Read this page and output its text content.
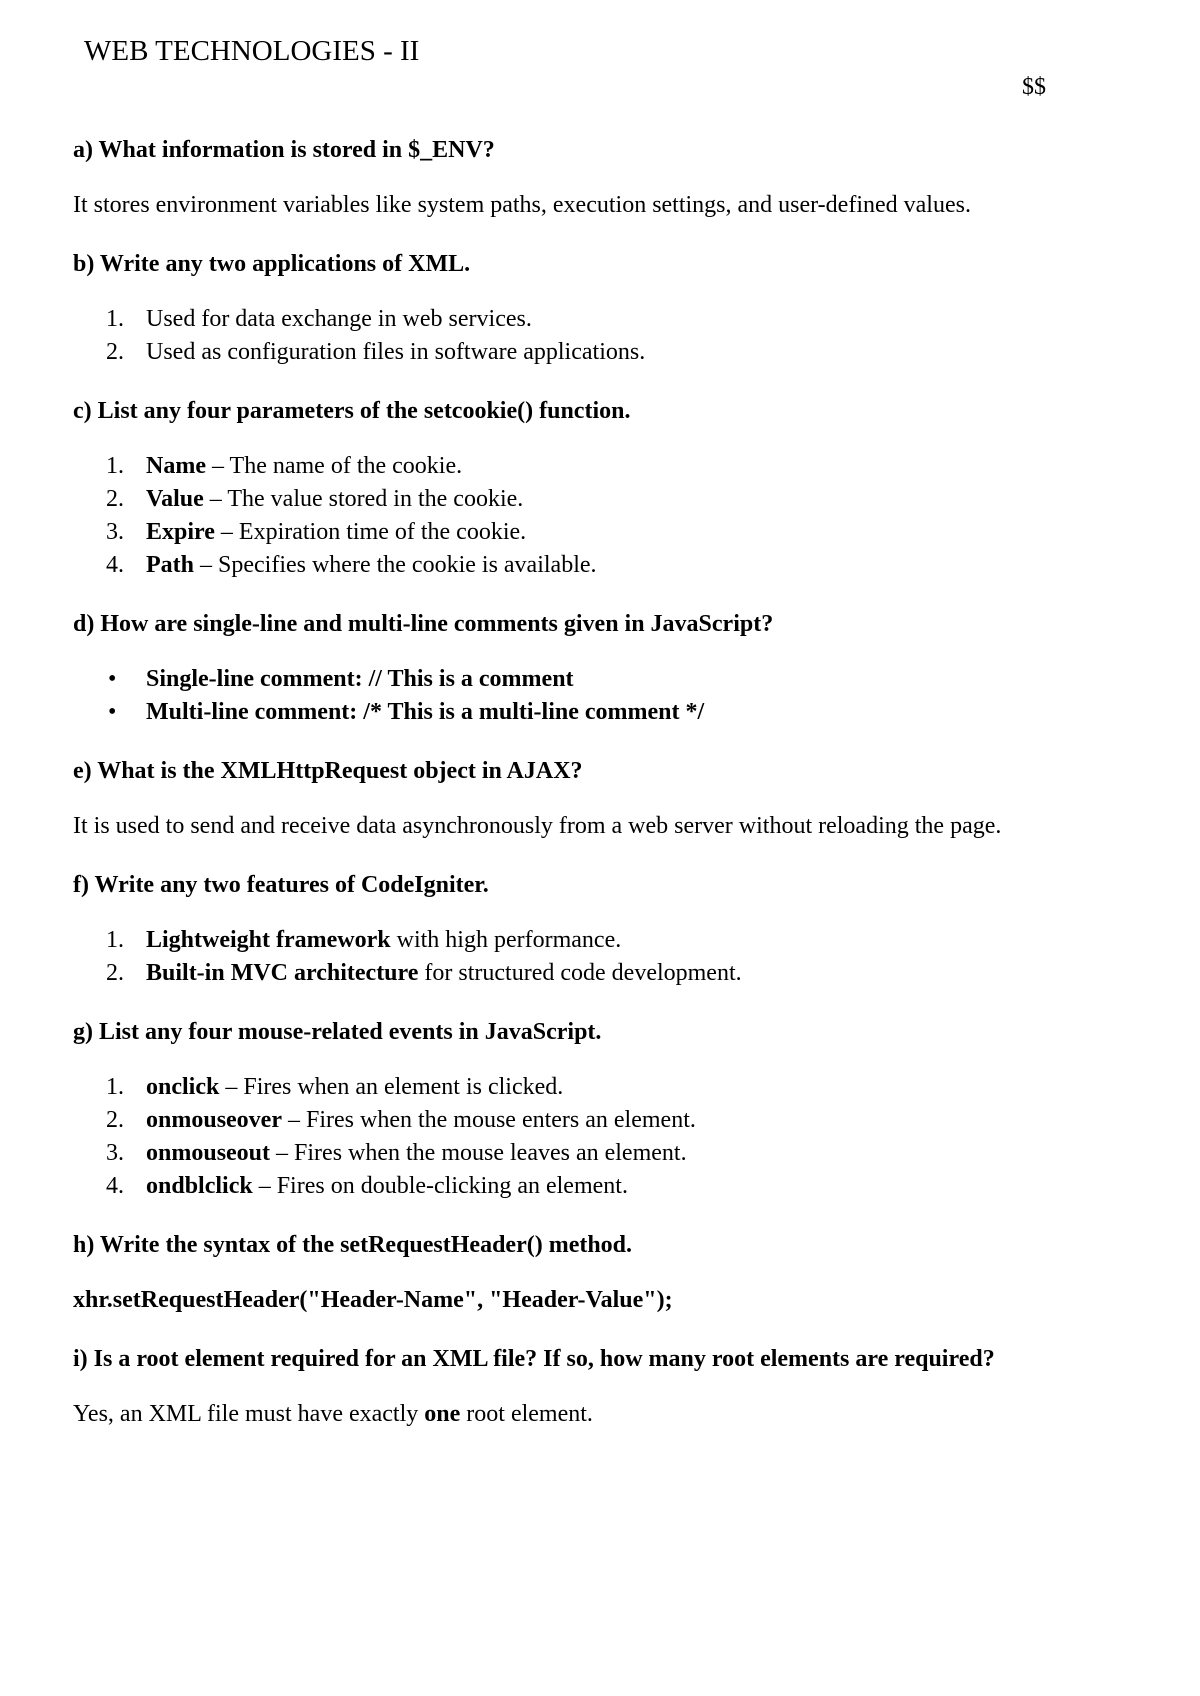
WEB TECHNOLOGIES - II
$$

a) What information is stored in $_ENV?

It stores environment variables like system paths, execution settings, and user-defined values.

b) Write any two applications of XML.

1. Used for data exchange in web services.
2. Used as configuration files in software applications.

c) List any four parameters of the setcookie() function.

1. Name – The name of the cookie.
2. Value – The value stored in the cookie.
3. Expire – Expiration time of the cookie.
4. Path – Specifies where the cookie is available.

d) How are single-line and multi-line comments given in JavaScript?

• Single-line comment: // This is a comment
• Multi-line comment: /* This is a multi-line comment */

e) What is the XMLHttpRequest object in AJAX?

It is used to send and receive data asynchronously from a web server without reloading the page.

f) Write any two features of CodeIgniter.

1. Lightweight framework with high performance.
2. Built-in MVC architecture for structured code development.

g) List any four mouse-related events in JavaScript.

1. onclick – Fires when an element is clicked.
2. onmouseover – Fires when the mouse enters an element.
3. onmouseout – Fires when the mouse leaves an element.
4. ondblclick – Fires on double-clicking an element.

h) Write the syntax of the setRequestHeader() method.

xhr.setRequestHeader("Header-Name", "Header-Value");

i) Is a root element required for an XML file? If so, how many root elements are required?

Yes, an XML file must have exactly one root element.
